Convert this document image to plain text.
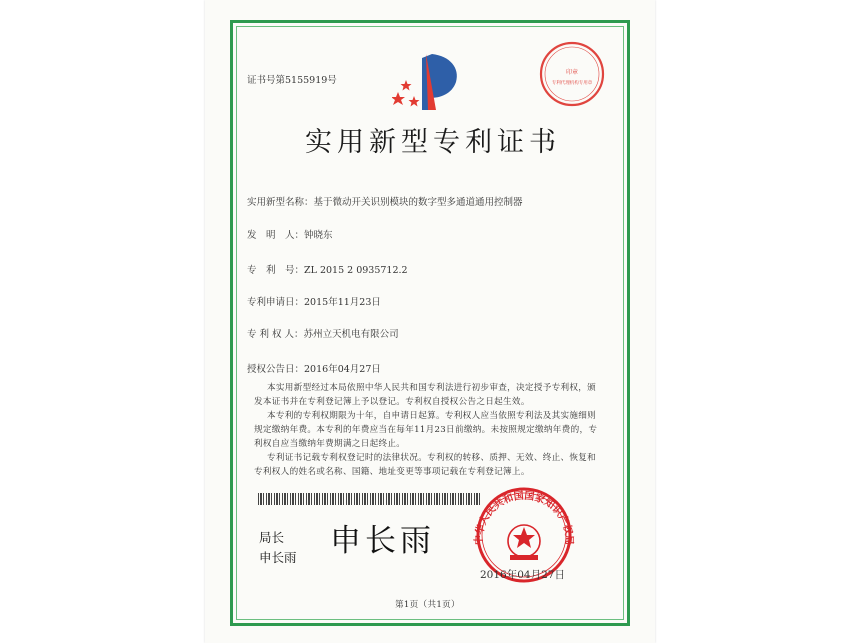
证书号第5155919号
印章
专利代理机构专用章
实用新型专利证书
实用新型名称：基于微动开关识别模块的数字型多通道通用控制器
发　明　人：钟晓东
专　利　号：ZL 2015 2 0935712.2
专利申请日：2015年11月23日
专 利 权 人：苏州立天机电有限公司
授权公告日：2016年04月27日
本实用新型经过本局依照中华人民共和国专利法进行初步审查，决定授予专利权，颁
发本证书并在专利登记簿上予以登记。专利权自授权公告之日起生效。
本专利的专利权期限为十年，自申请日起算。专利权人应当依照专利法及其实施细则
规定缴纳年费。本专利的年费应当在每年11月23日前缴纳。未按照规定缴纳年费的，专
利权自应当缴纳年费期满之日起终止。
专利证书记载专利权登记时的法律状况。专利权的转移、质押、无效、终止、恢复和
专利权人的姓名或名称、国籍、地址变更等事项记载在专利登记簿上。
局长
申长雨 申长雨	中华人民共和国国家知识产权局
2016年04月27日
第1页（共1页）
